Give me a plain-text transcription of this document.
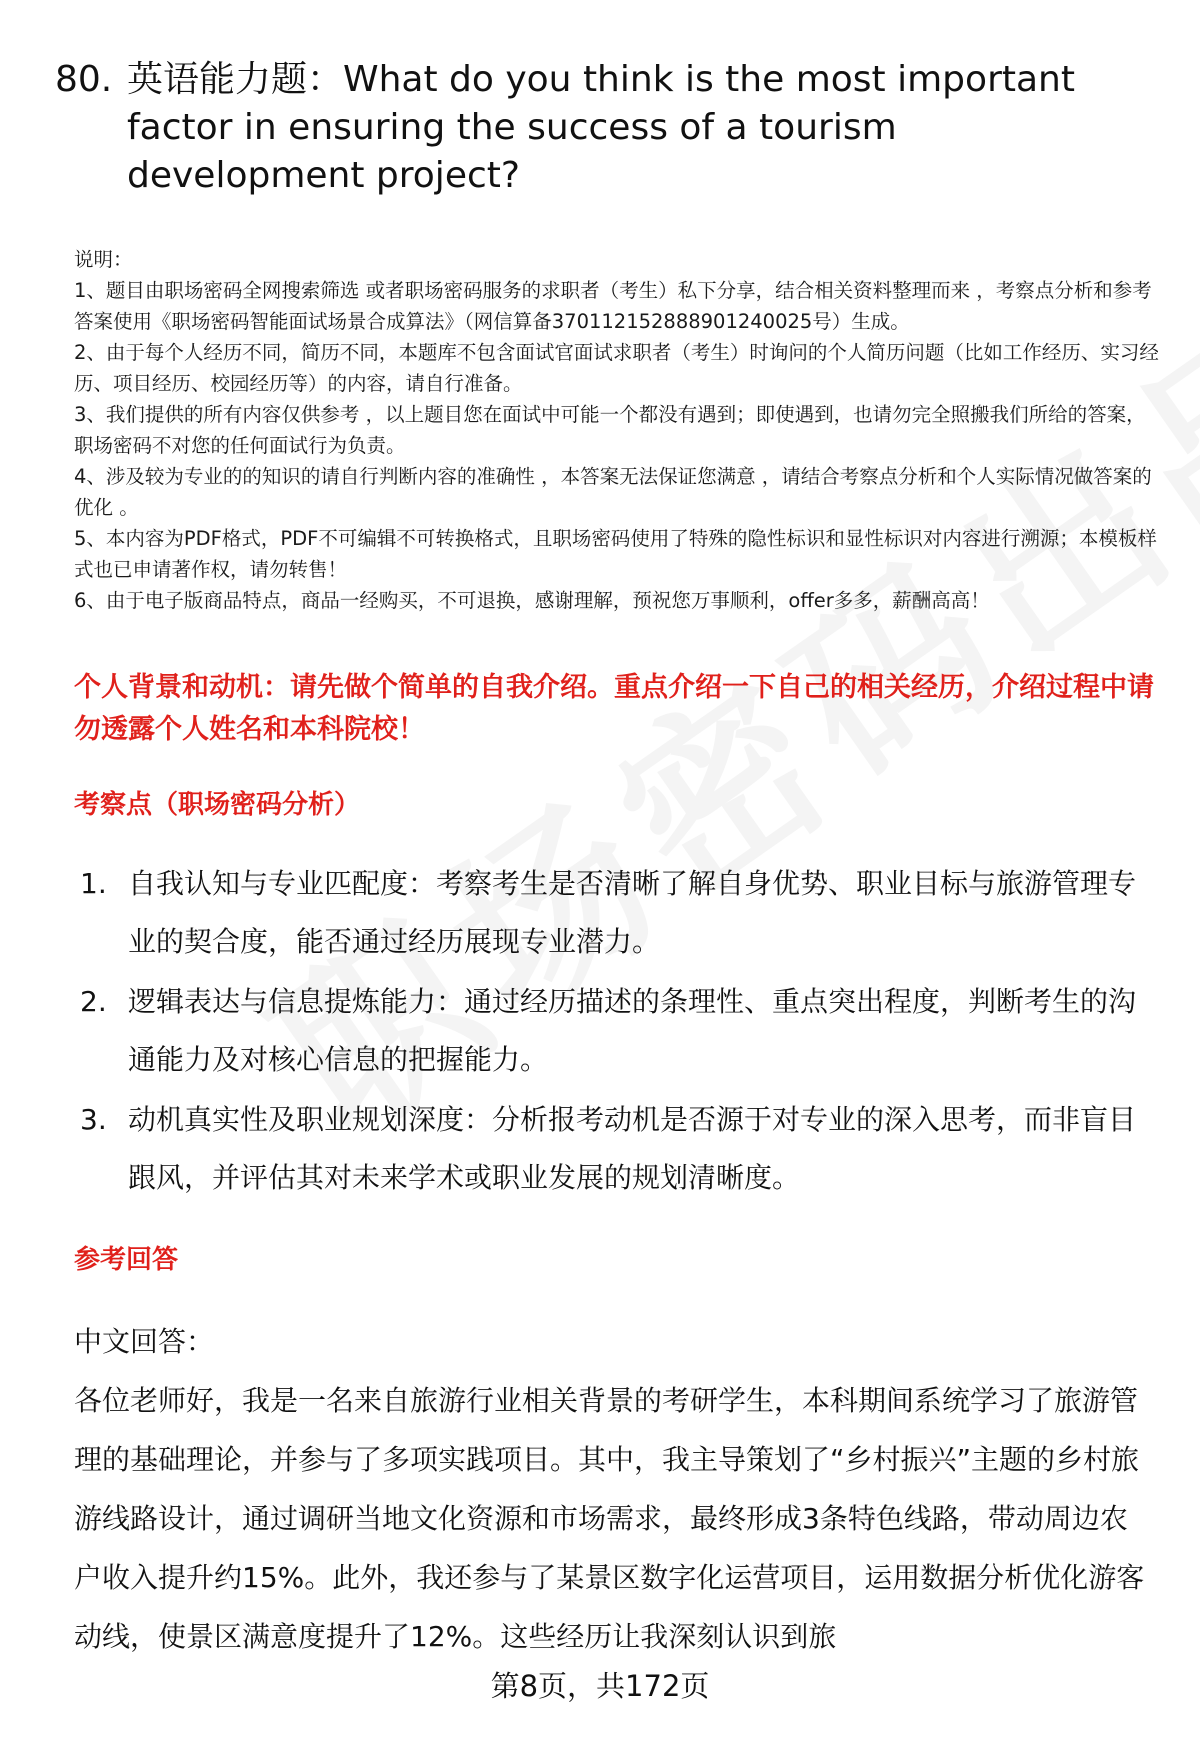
80. 英语能力题：What do you think is the most important factor in ensuring the success of a tourism development project?

说明：

1、题目由职场密码全网搜索筛选 或者职场密码服务的求职者（考生）私下分享，结合相关资料整理而来 ，考察点分析和参考答案使用《职场密码智能面试场景合成算法》（网信算备370112152888901240025号）生成。

2、由于每个人经历不同，简历不同，本题库不包含面试官面试求职者（考生）时询问的个人简历问题（比如工作经历、实习经历、项目经历、校园经历等）的内容，请自行准备。

3、我们提供的所有内容仅供参考 ，以上题目您在面试中可能一个都没有遇到；即使遇到，也请勿完全照搬我们所给的答案，职场密码不对您的任何面试行为负责。

4、涉及较为专业的的知识的请自行判断内容的准确性 ，本答案无法保证您满意 ，请结合考察点分析和个人实际情况做答案的优化 。

5、本内容为PDF格式，PDF不可编辑不可转换格式，且职场密码使用了特殊的隐性标识和显性标识对内容进行溯源；本模板样式也已申请著作权，请勿转售！

6、由于电子版商品特点，商品一经购买，不可退换，感谢理解，预祝您万事顺利，offer多多，薪酬高高！

个人背景和动机：请先做个简单的自我介绍。重点介绍一下自己的相关经历，介绍过程中请勿透露个人姓名和本科院校！
考察点（职场密码分析）
1. 自我认知与专业匹配度：考察考生是否清晰了解自身优势、职业目标与旅游管理专业的契合度，能否通过经历展现专业潜力。
2. 逻辑表达与信息提炼能力：通过经历描述的条理性、重点突出程度，判断考生的沟通能力及对核心信息的把握能力。
3. 动机真实性及职业规划深度：分析报考动机是否源于对专业的深入思考，而非盲目跟风，并评估其对未来学术或职业发展的规划清晰度。
参考回答

中文回答：

各位老师好，我是一名来自旅游行业相关背景的考研学生，本科期间系统学习了旅游管理的基础理论，并参与了多项实践项目。其中，我主导策划了“乡村振兴”主题的乡村旅游线路设计，通过调研当地文化资源和市场需求，最终形成3条特色线路，带动周边农户收入提升约15%。此外，我还参与了某景区数字化运营项目，运用数据分析优化游客动线，使景区满意度提升了12%。这些经历让我深刻认识到旅

第8页，共172页
